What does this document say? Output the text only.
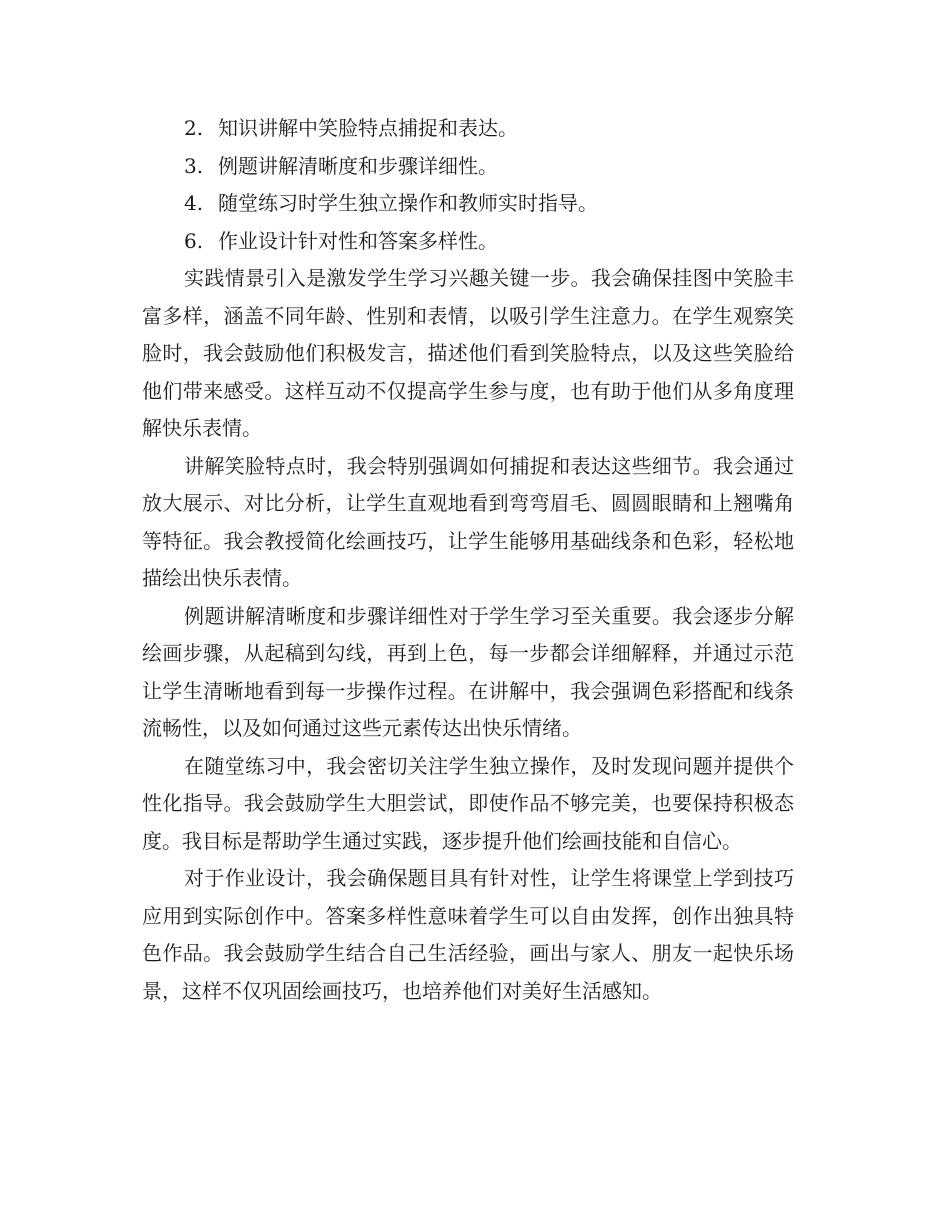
2. 知识讲解中笑脸特点捕捉和表达。

3. 例题讲解清晰度和步骤详细性。

4. 随堂练习时学生独立操作和教师实时指导。

6. 作业设计针对性和答案多样性。

实践情景引入是激发学生学习兴趣关键一步。我会确保挂图中笑脸丰富多样，涵盖不同年龄、性别和表情，以吸引学生注意力。在学生观察笑脸时，我会鼓励他们积极发言，描述他们看到笑脸特点，以及这些笑脸给他们带来感受。这样互动不仅提高学生参与度，也有助于他们从多角度理解快乐表情。

讲解笑脸特点时，我会特别强调如何捕捉和表达这些细节。我会通过放大展示、对比分析，让学生直观地看到弯弯眉毛、圆圆眼睛和上翘嘴角等特征。我会教授简化绘画技巧，让学生能够用基础线条和色彩，轻松地描绘出快乐表情。

例题讲解清晰度和步骤详细性对于学生学习至关重要。我会逐步分解绘画步骤，从起稿到勾线，再到上色，每一步都会详细解释，并通过示范让学生清晰地看到每一步操作过程。在讲解中，我会强调色彩搭配和线条流畅性，以及如何通过这些元素传达出快乐情绪。

在随堂练习中，我会密切关注学生独立操作，及时发现问题并提供个性化指导。我会鼓励学生大胆尝试，即使作品不够完美，也要保持积极态度。我目标是帮助学生通过实践，逐步提升他们绘画技能和自信心。

对于作业设计，我会确保题目具有针对性，让学生将课堂上学到技巧应用到实际创作中。答案多样性意味着学生可以自由发挥，创作出独具特色作品。我会鼓励学生结合自己生活经验，画出与家人、朋友一起快乐场景，这样不仅巩固绘画技巧，也培养他们对美好生活感知。
